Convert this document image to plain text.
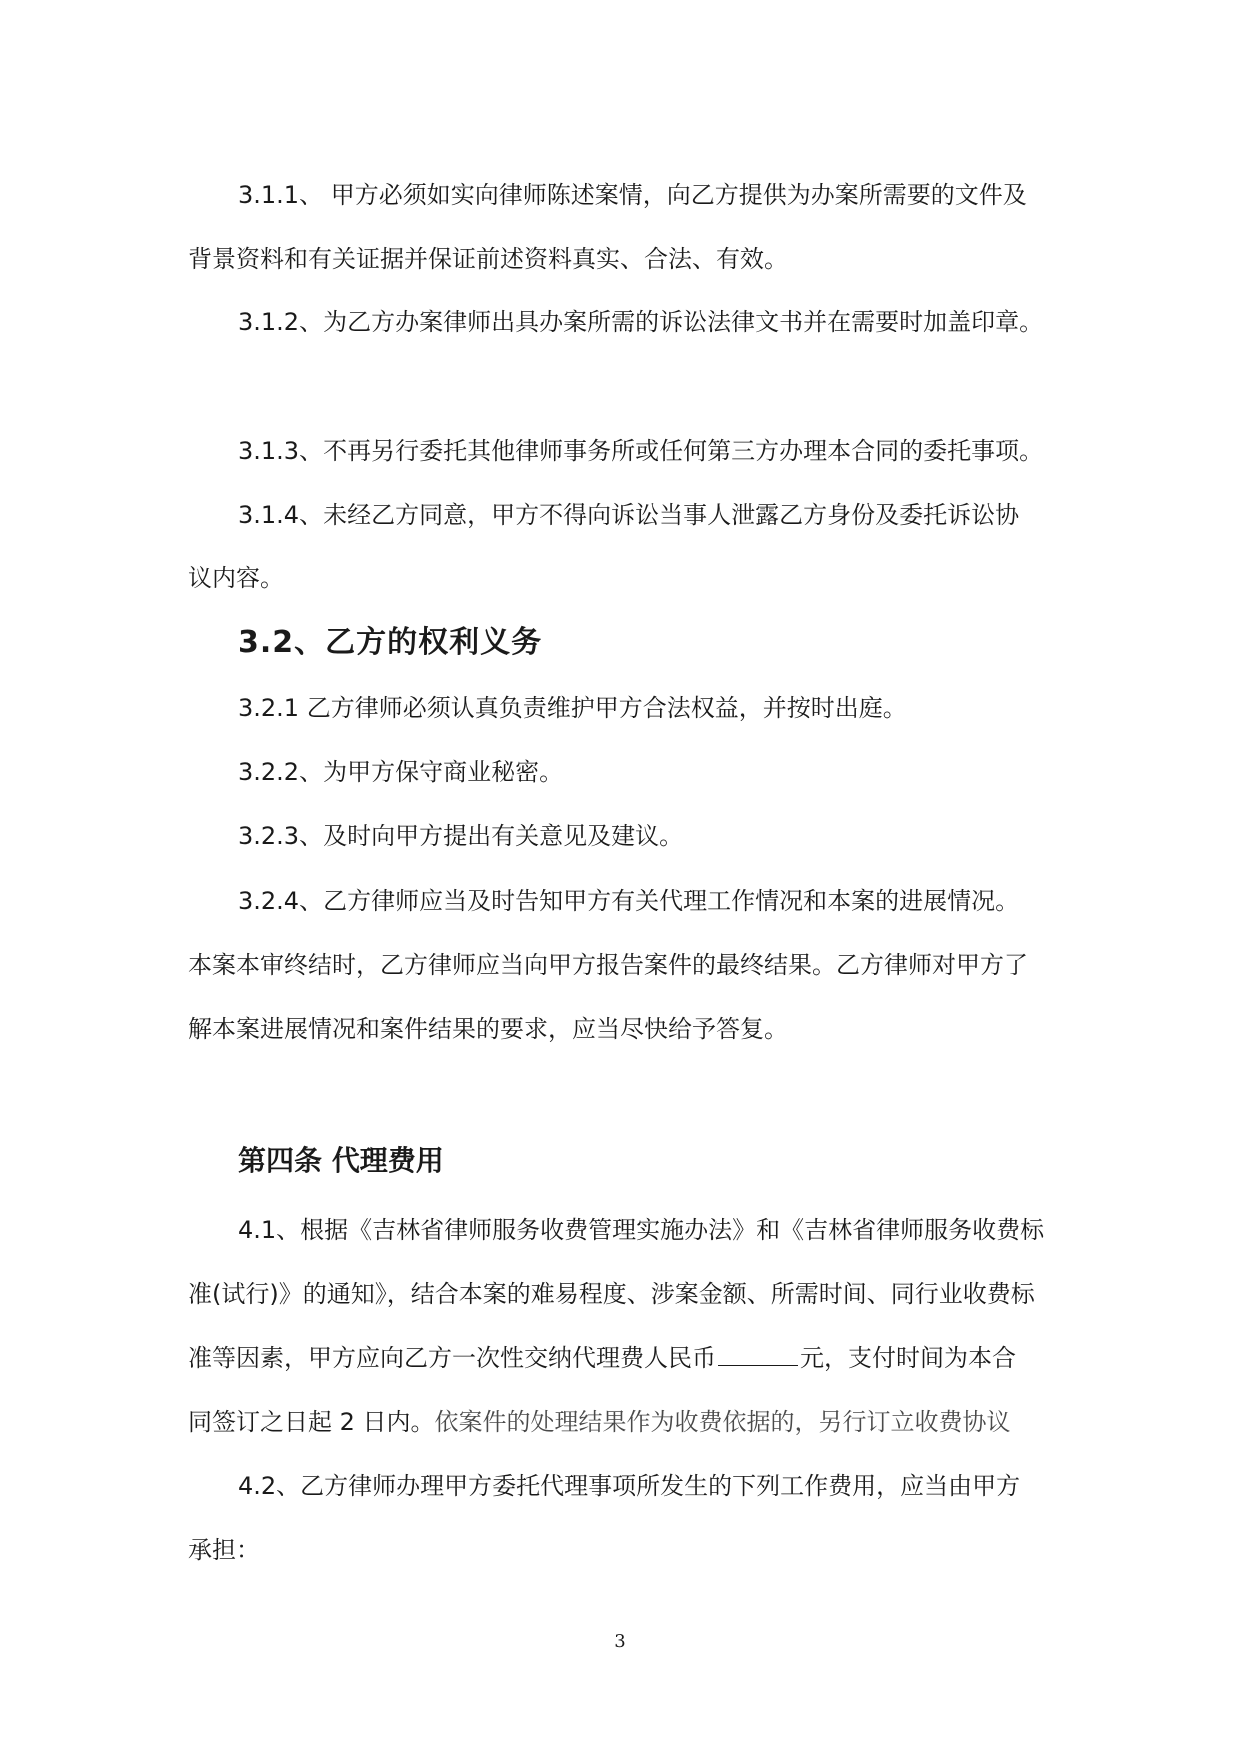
3.1.1、 甲方必须如实向律师陈述案情，向乙方提供为办案所需要的文件及
背景资料和有关证据并保证前述资料真实、合法、有效。
3.1.2、为乙方办案律师出具办案所需的诉讼法律文书并在需要时加盖印章。
3.1.3、不再另行委托其他律师事务所或任何第三方办理本合同的委托事项。
3.1.4、未经乙方同意，甲方不得向诉讼当事人泄露乙方身份及委托诉讼协
议内容。
3.2、乙方的权利义务
3.2.1 乙方律师必须认真负责维护甲方合法权益，并按时出庭。
3.2.2、为甲方保守商业秘密。
3.2.3、及时向甲方提出有关意见及建议。
3.2.4、乙方律师应当及时告知甲方有关代理工作情况和本案的进展情况。
本案本审终结时，乙方律师应当向甲方报告案件的最终结果。乙方律师对甲方了
解本案进展情况和案件结果的要求，应当尽快给予答复。
第四条 代理费用
4.1、根据《吉林省律师服务收费管理实施办法》和《吉林省律师服务收费标
准(试行)》的通知》，结合本案的难易程度、涉案金额、所需时间、同行业收费标
准等因素，甲方应向乙方一次性交纳代理费人民币	元，支付时间为本合
同签订之日起 2 日内。依案件的处理结果作为收费依据的，另行订立收费协议
4.2、乙方律师办理甲方委托代理事项所发生的下列工作费用，应当由甲方
承担：
3
